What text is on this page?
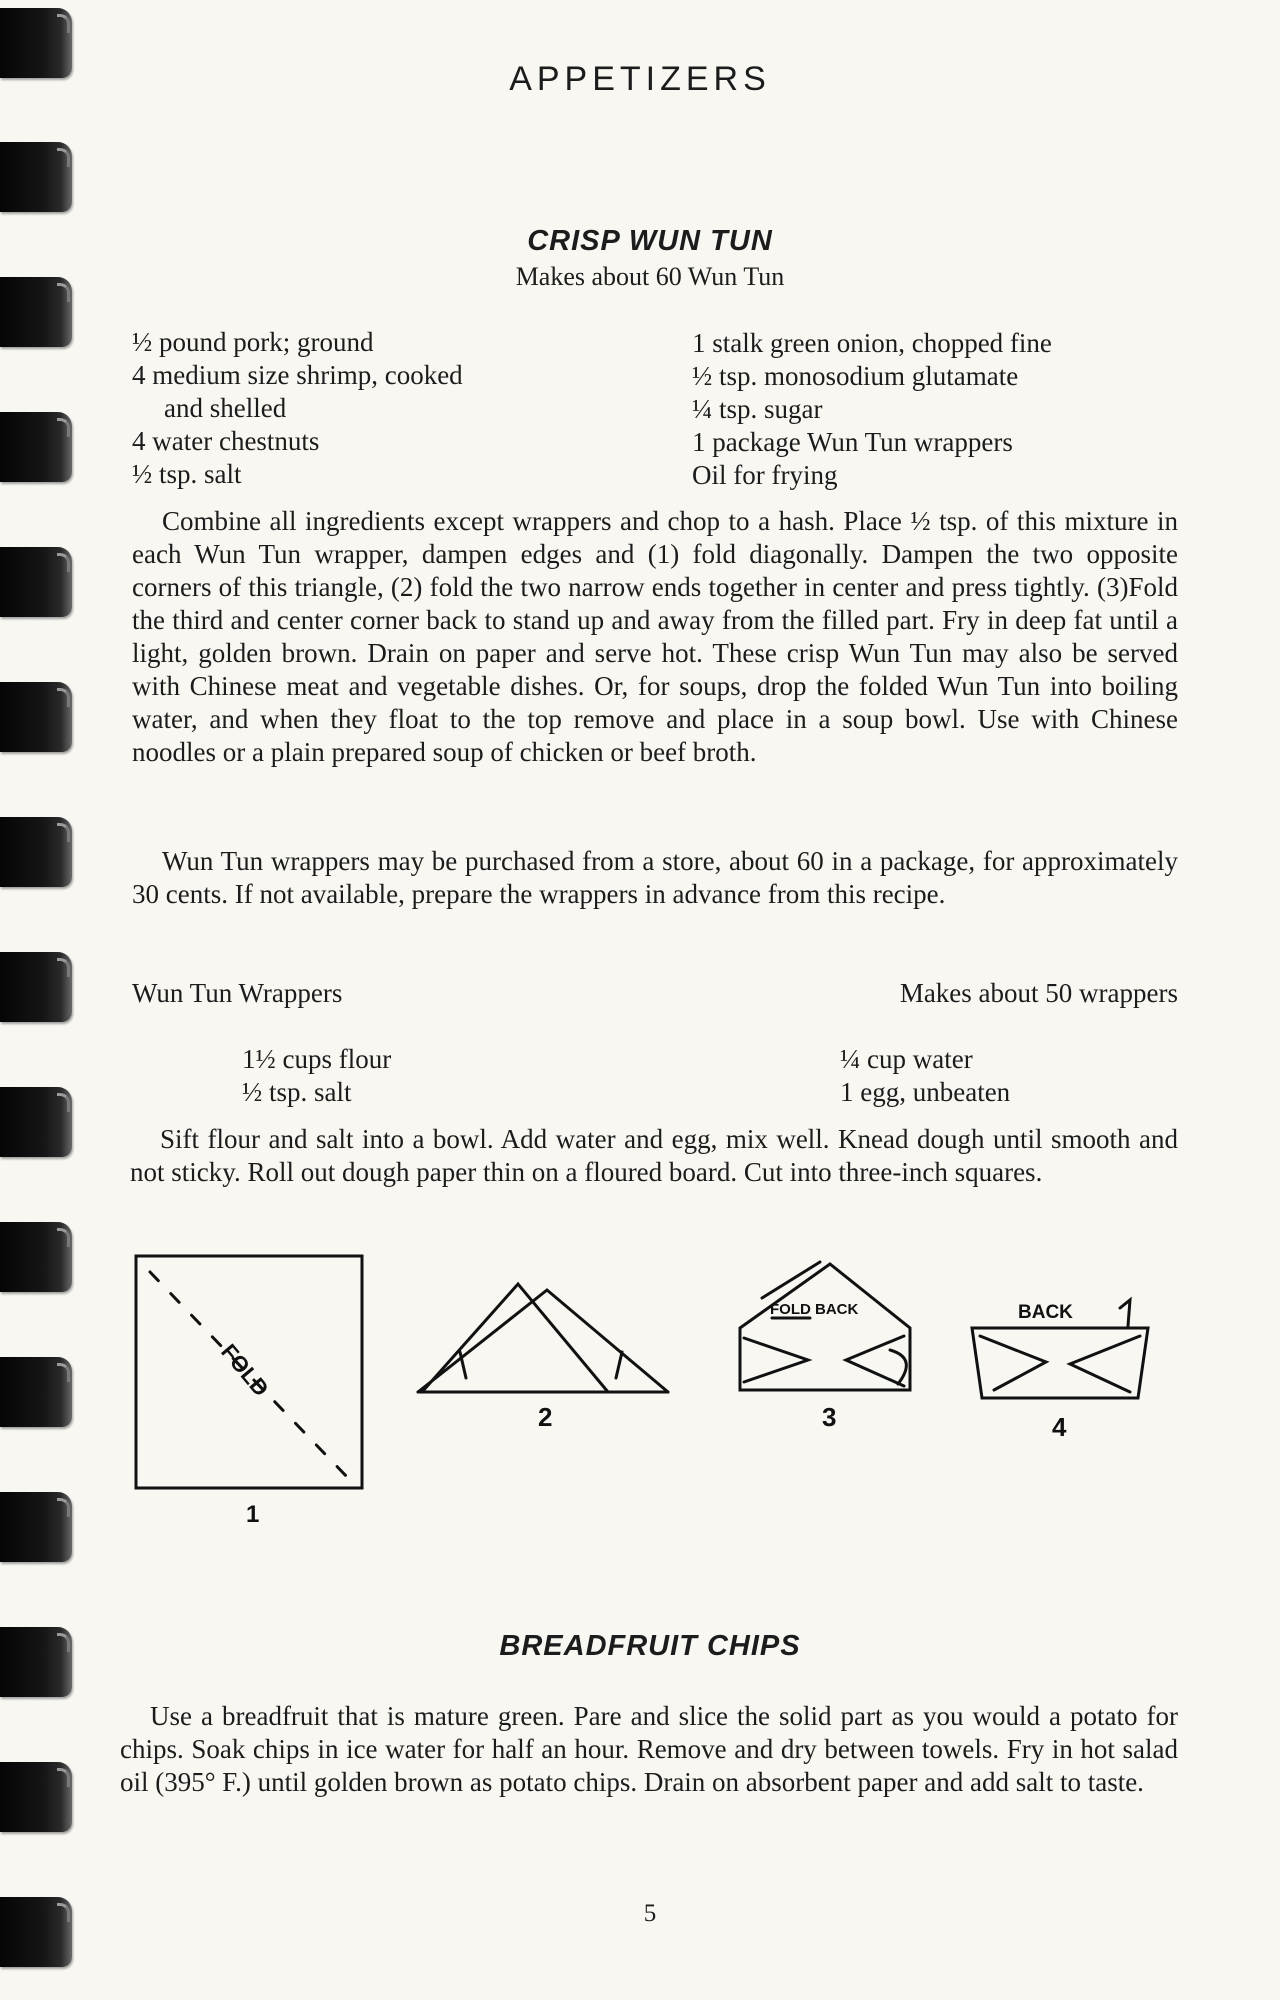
APPETIZERS
CRISP WUN TUN
Makes about 60 Wun Tun
½ pound pork; ground
4 medium size shrimp, cooked
and shelled
4 water chestnuts
½ tsp. salt
1 stalk green onion, chopped fine
½ tsp. monosodium glutamate
¼ tsp. sugar
1 package Wun Tun wrappers
Oil for frying

Combine all ingredients except wrappers and chop to a hash. Place ½ tsp. of this mixture in each Wun Tun wrapper, dampen edges and (1) fold diagonally. Dampen the two opposite corners of this triangle, (2) fold the two narrow ends together in center and press tightly. (3)Fold the third and center corner back to stand up and away from the filled part. Fry in deep fat until a light, golden brown. Drain on paper and serve hot. These crisp Wun Tun may also be served with Chinese meat and vegetable dishes. Or, for soups, drop the folded Wun Tun into boiling water, and when they float to the top remove and place in a soup bowl. Use with Chinese noodles or a plain prepared soup of chicken or beef broth.

Wun Tun wrappers may be purchased from a store, about 60 in a package, for approximately 30 cents. If not available, prepare the wrappers in advance from this recipe.

Wun Tun Wrappers	Makes about 50 wrappers
1½ cups flour
½ tsp. salt
¼ cup water
1 egg, unbeaten

Sift flour and salt into a bowl. Add water and egg, mix well. Knead dough until smooth and not sticky. Roll out dough paper thin on a floured board. Cut into three-inch squares.

FOLD
FOLD BACK	BACK
1
2	3	4
BREADFRUIT CHIPS

Use a breadfruit that is mature green. Pare and slice the solid part as you would a potato for chips. Soak chips in ice water for half an hour. Remove and dry between towels. Fry in hot salad oil (395° F.) until golden brown as potato chips. Drain on absorbent paper and add salt to taste.

5
